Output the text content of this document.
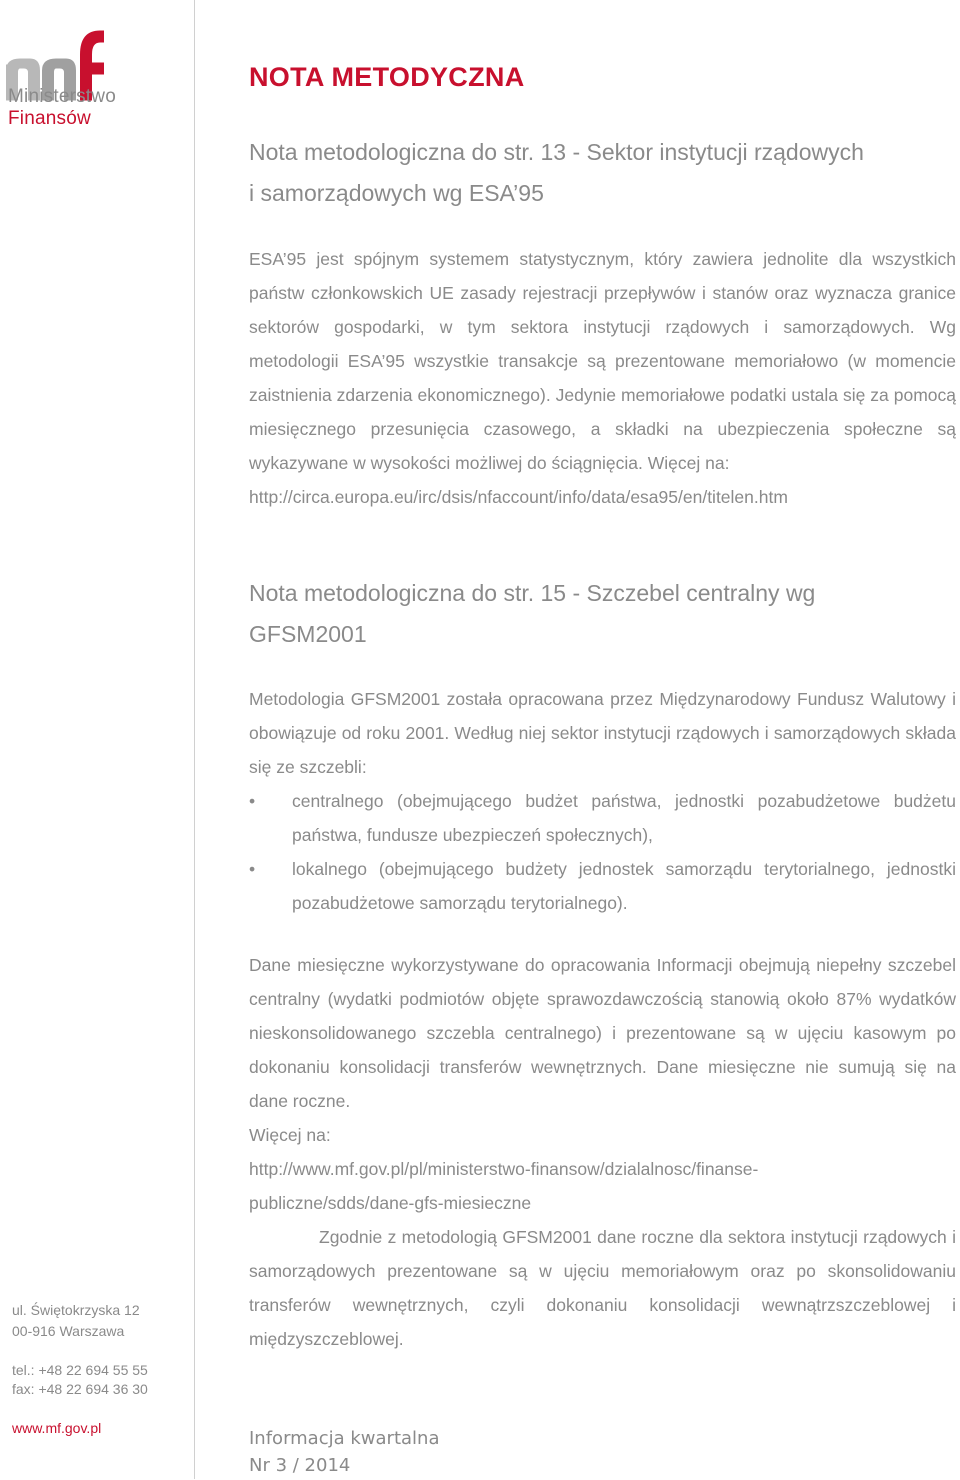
Ministerstwo
Finansów
ul. Świętokrzyska 12
00-916 Warszawa
tel.: +48 22 694 55 55
fax: +48 22 694 36 30
www.mf.gov.pl
NOTA METODYCZNA
Nota metodologiczna do str. 13 - Sektor instytucji rządowych
i samorządowych wg ESA’95

ESA’95 jest spójnym systemem statystycznym, który zawiera jednolite dla wszystkich państw członkowskich UE zasady rejestracji przepływów i stanów oraz wyznacza granice sektorów gospodarki, w tym sektora instytucji rządowych i samorządowych. Wg metodologii ESA’95 wszystkie transakcje są prezentowane memoriałowo (w momencie zaistnienia zdarzenia ekonomicznego). Jedynie memoriałowe podatki ustala się za pomocą miesięcznego przesunięcia czasowego, a składki na ubezpieczenia społeczne są wykazywane w wysokości możliwej do ściągnięcia. Więcej na:

http://circa.europa.eu/irc/dsis/nfaccount/info/data/esa95/en/titelen.htm

Nota metodologiczna do str. 15 - Szczebel centralny wg
GFSM2001
Metodologia GFSM2001 została opracowana przez Międzynarodowy Fundusz Walutowy i obowiązuje od roku 2001. Według niej sektor instytucji rządowych i samorządowych składa się ze szczebli:
• centralnego (obejmującego budżet państwa, jednostki pozabudżetowe budżetu państwa, fundusze ubezpieczeń społecznych),
• lokalnego (obejmującego budżety jednostek samorządu terytorialnego, jednostki pozabudżetowe samorządu terytorialnego).

Dane miesięczne wykorzystywane do opracowania Informacji obejmują niepełny szczebel centralny (wydatki podmiotów objęte sprawozdawczością stanowią około 87% wydatków nieskonsolidowanego szczebla centralnego) i prezentowane są w ujęciu kasowym po dokonaniu konsolidacji transferów wewnętrznych. Dane miesięczne nie sumują się na dane roczne.

Więcej na:

http://www.mf.gov.pl/pl/ministerstwo-finansow/dzialalnosc/finanse-
publiczne/sdds/dane-gfs-miesieczne

Zgodnie z metodologią GFSM2001 dane roczne dla sektora instytucji rządowych i samorządowych prezentowane są w ujęciu memoriałowym oraz po skonsolidowaniu transferów wewnętrznych, czyli dokonaniu konsolidacji wewnątrzszczeblowej i międzyszczeblowej.

Informacja kwartalna
Nr 3 / 2014
